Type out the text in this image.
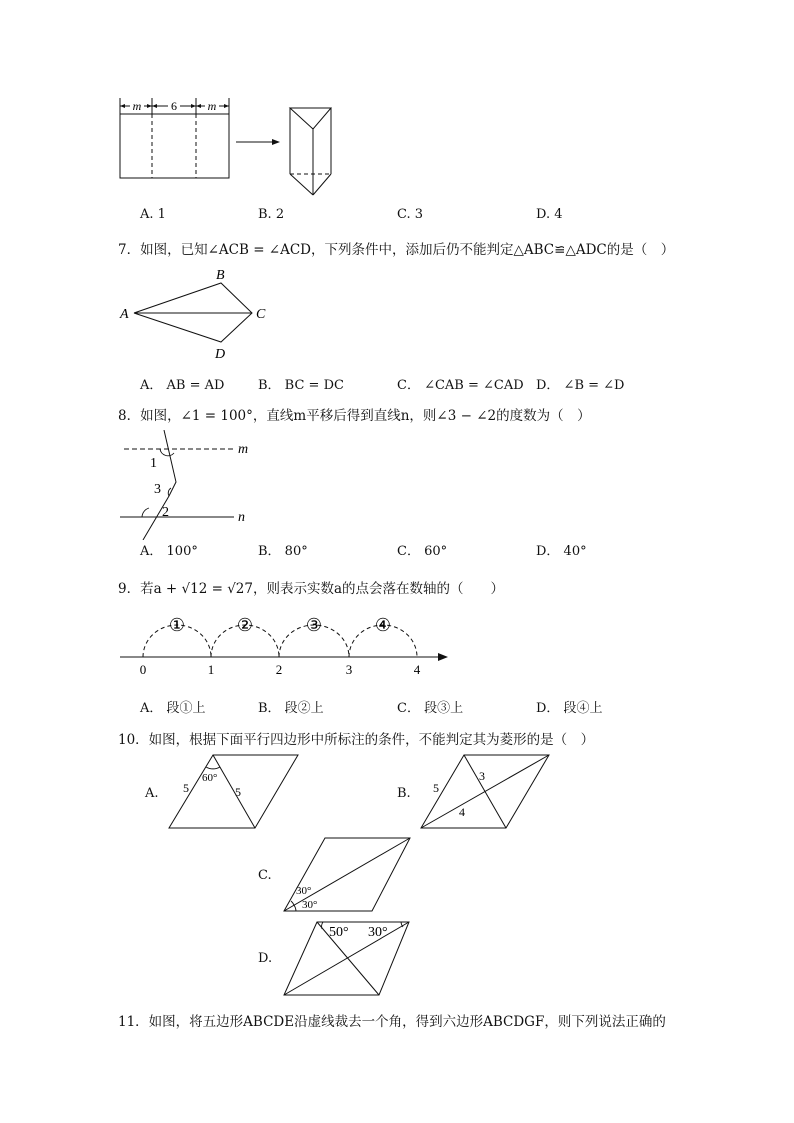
m 6	m
A. 1	B. 2	C. 3	D. 4
7．如图，已知∠ACB = ∠ACD，下列条件中，添加后仍不能判定△ABC≌△ADC的是（　）
A
B
C
D
A． AB = AD	B． BC = DC	C． ∠CAB = ∠CAD D． ∠B = ∠D
8．如图，∠1 = 100°，直线m平移后得到直线n，则∠3 − ∠2的度数为（　）
m
n
1
3
2
A． 100°	B． 80°	C． 60°	D． 40°
9．若a + √12 = √27，则表示实数a的点会落在数轴的（　　）
①	②	③	④
0	1	2	3	4
A． 段①上	B． 段②上	C． 段③上	D． 段④上
10．如图，根据下面平行四边形中所标注的条件，不能判定其为菱形的是（　）
A.
60°
5	5	B. 5
3
4
C.
30°
30°
D.
50° 30°
11．如图，将五边形ABCDE沿虚线裁去一个角，得到六边形ABCDGF，则下列说法正确的
